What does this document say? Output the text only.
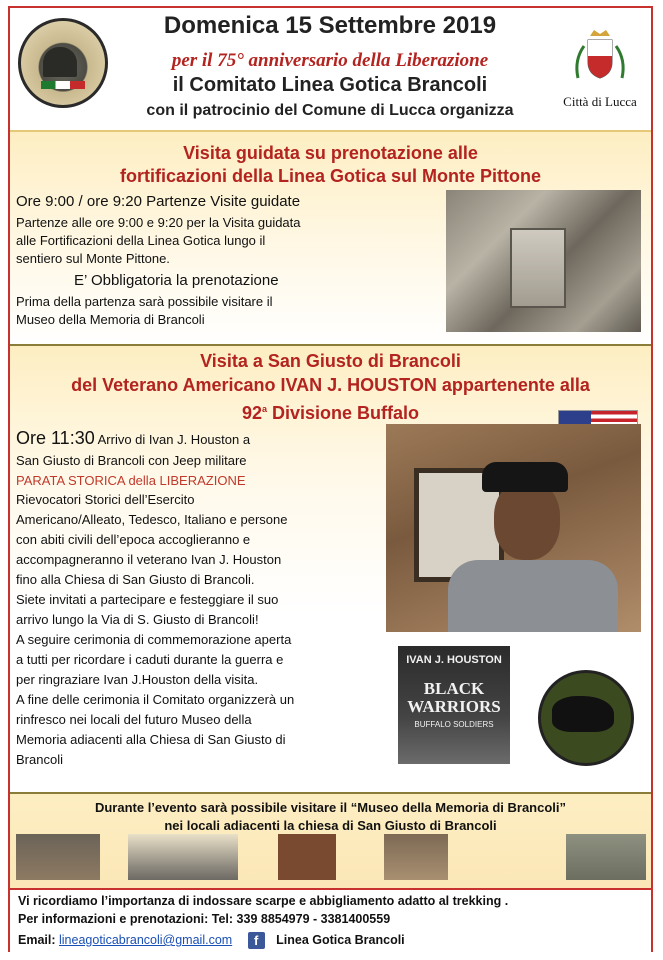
Domenica 15 Settembre 2019
per il 75° anniversario della Liberazione
il Comitato Linea Gotica Brancoli
con il patrocinio del Comune di Lucca organizza
Città di Lucca
Visita guidata su prenotazione alle
fortificazioni della Linea Gotica sul Monte Pittone
Ore 9:00 / ore 9:20 Partenze Visite guidate
Partenze alle ore 9:00 e 9:20 per la Visita guidata
alle Fortificazioni della Linea Gotica lungo il
sentiero sul Monte Pittone.
E’ Obbligatoria la prenotazione
Prima della partenza sarà possibile visitare il
Museo della Memoria di Brancoli
Visita a San Giusto di Brancoli
del Veterano Americano IVAN J. HOUSTON appartenente alla
92$^a$ Divisione Buffalo
Ore 11:30 Arrivo di Ivan J. Houston a
San Giusto di Brancoli con Jeep militare
PARATA STORICA della LIBERAZIONE
Rievocatori Storici dell’Esercito
Americano/Alleato, Tedesco, Italiano e persone
con abiti civili dell’epoca accoglieranno e
accompagneranno il veterano Ivan J. Houston
fino alla Chiesa di San Giusto di Brancoli.
Siete invitati a partecipare e festeggiare il suo
arrivo lungo la Via di S. Giusto di Brancoli!
A seguire cerimonia di commemorazione aperta
a tutti per ricordare i caduti durante la guerra e
per ringraziare Ivan J.Houston della visita.
A fine delle cerimonia il Comitato organizzerà un
rinfresco nei locali del futuro Museo della
Memoria adiacenti alla Chiesa di San Giusto di
Brancoli
IVAN J. HOUSTON
BLACK
WARRIORS
BUFFALO SOLDIERS
Durante l’evento sarà possibile visitare il “Museo della Memoria di Brancoli”
nei locali adiacenti la chiesa di San Giusto di Brancoli
Vi ricordiamo l’importanza di indossare scarpe e abbigliamento adatto al trekking .
Per informazioni e prenotazioni: Tel: 339 8854979 - 3381400559
Email: lineagoticabrancoli@gmail.com f Linea Gotica Brancoli
